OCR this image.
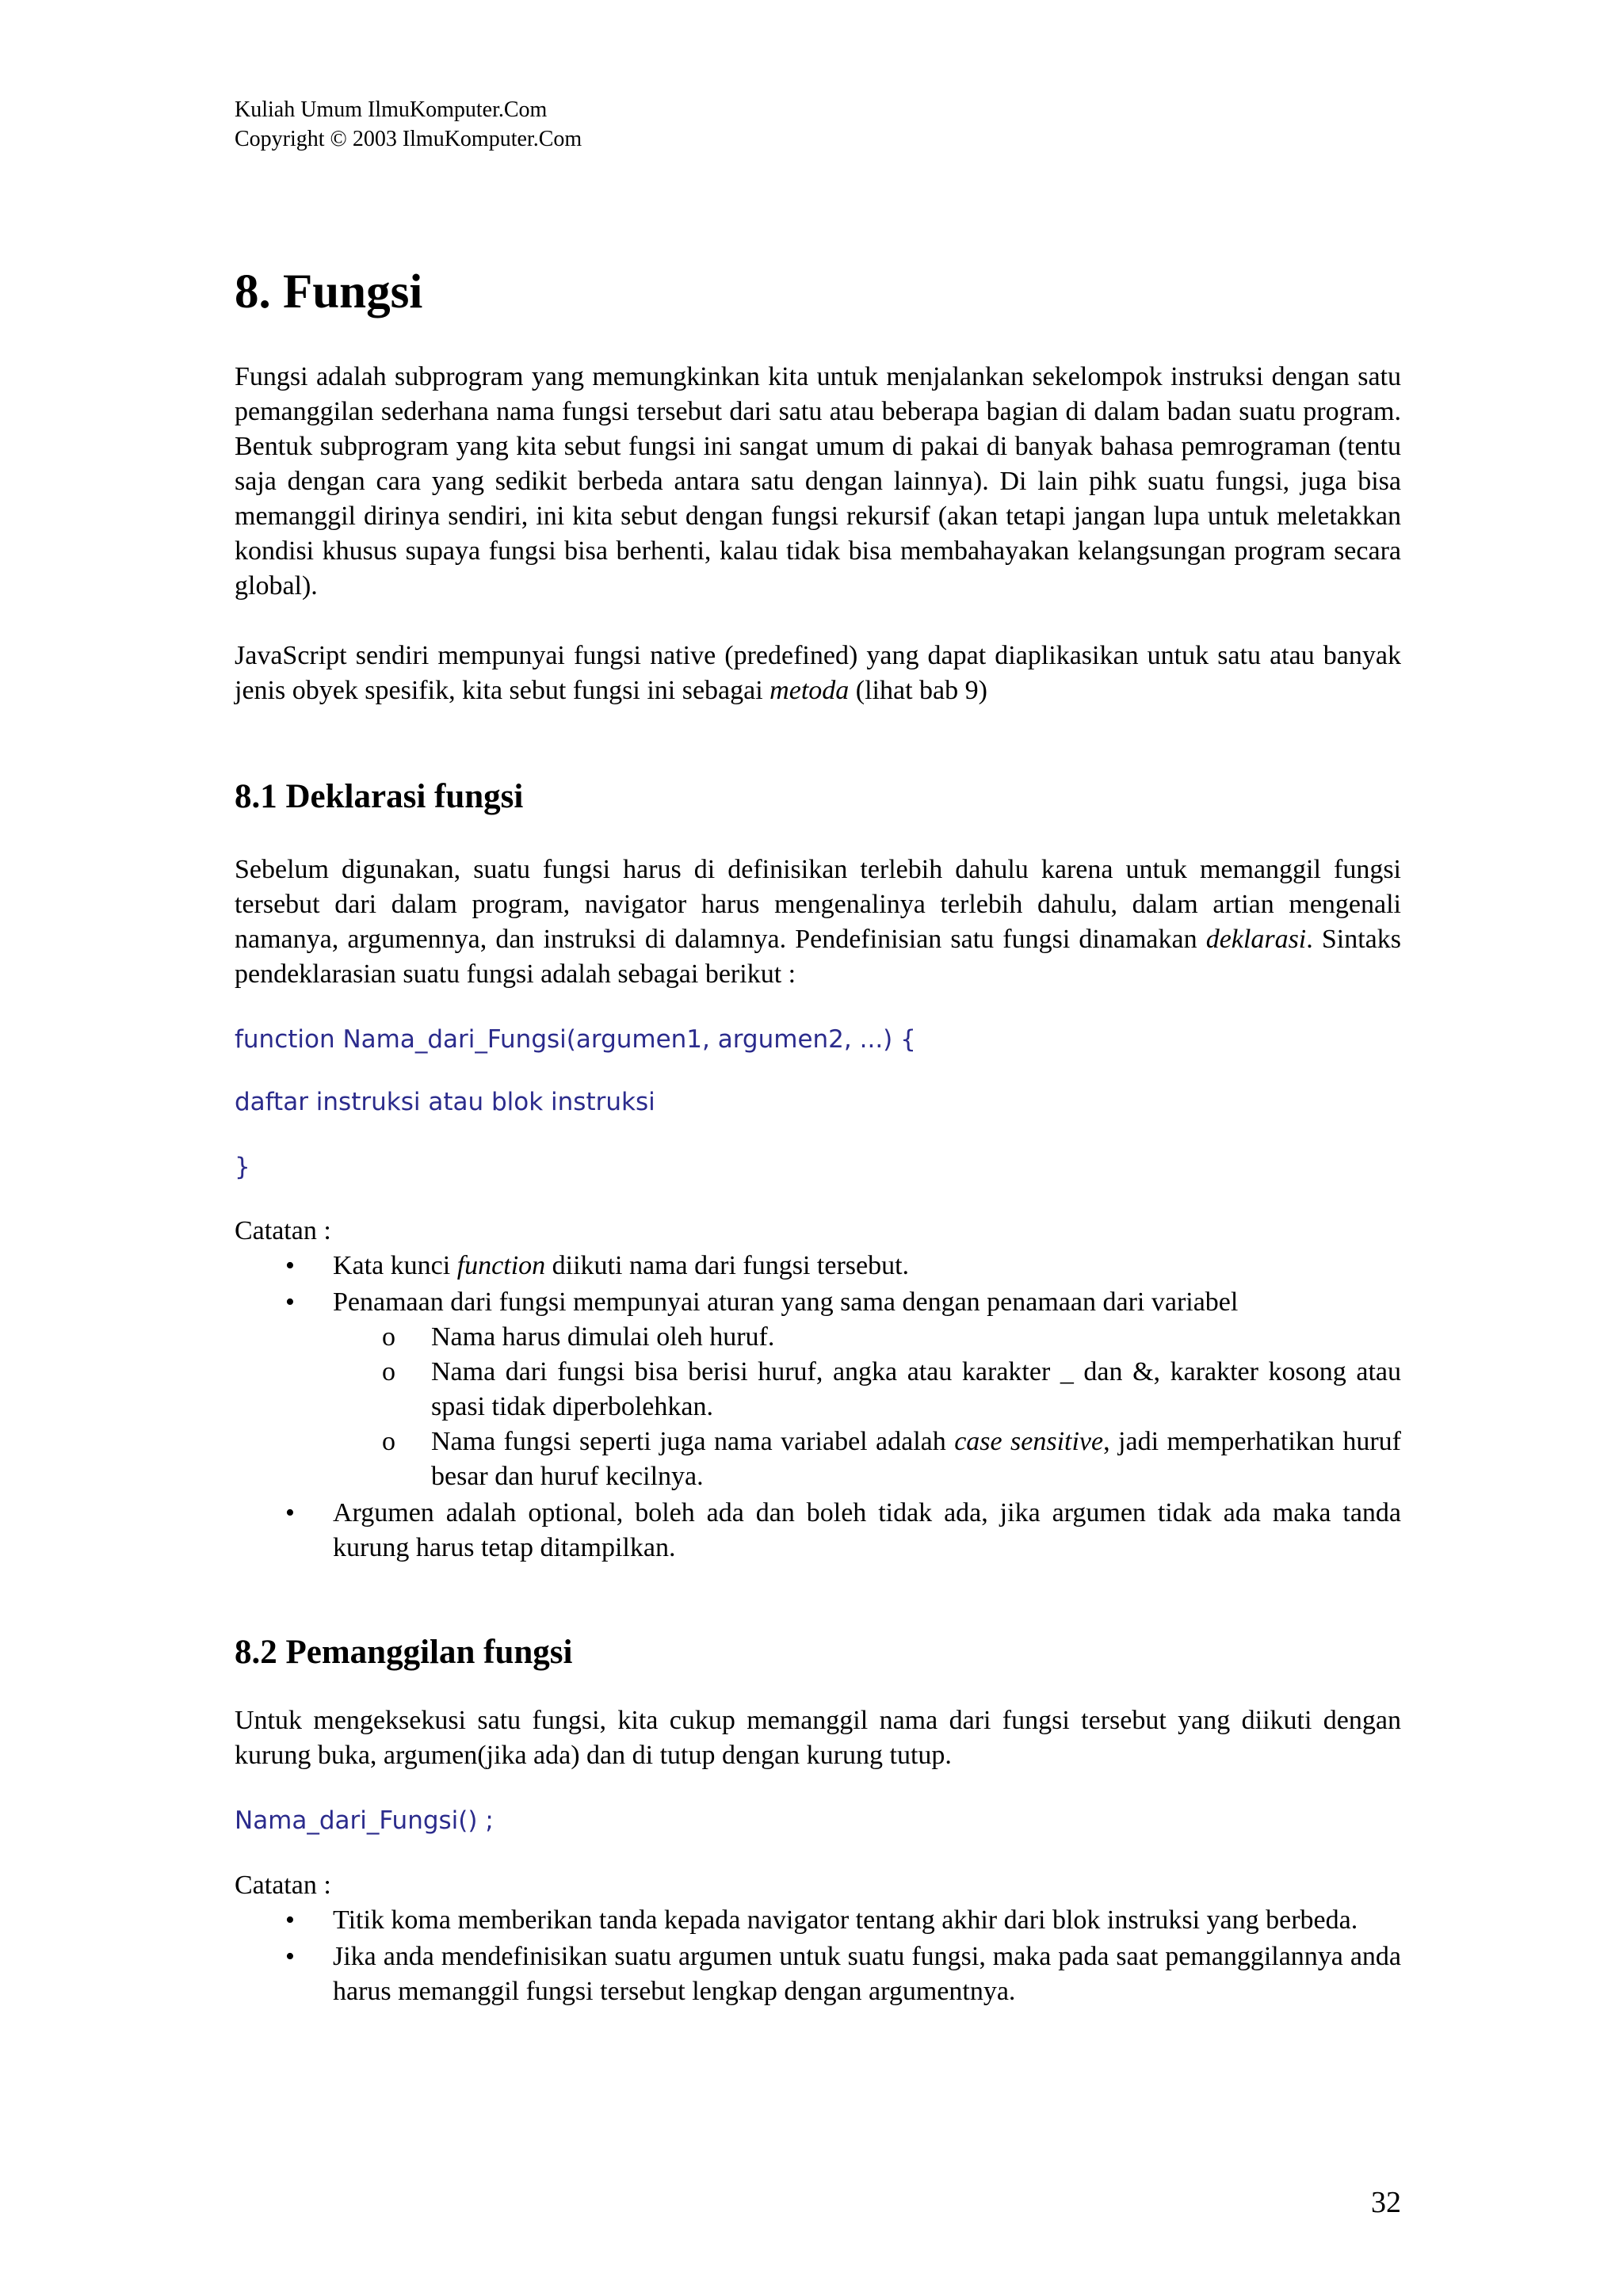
Kuliah Umum IlmuKomputer.Com
Copyright © 2003 IlmuKomputer.Com
8. Fungsi

Fungsi adalah subprogram yang memungkinkan kita untuk menjalankan sekelompok instruksi dengan satu pemanggilan sederhana nama fungsi tersebut dari satu atau beberapa bagian di dalam badan suatu program. Bentuk subprogram yang kita sebut fungsi ini sangat umum di pakai di banyak bahasa pemrograman (tentu saja dengan cara yang sedikit berbeda antara satu dengan lainnya). Di lain pihk suatu fungsi, juga bisa memanggil dirinya sendiri, ini kita sebut dengan fungsi rekursif (akan tetapi jangan lupa untuk meletakkan kondisi khusus supaya fungsi bisa berhenti, kalau tidak bisa membahayakan kelangsungan program secara global).

JavaScript sendiri mempunyai fungsi native (predefined) yang dapat diaplikasikan untuk satu atau banyak jenis obyek spesifik, kita sebut fungsi ini sebagai metoda (lihat bab 9)

8.1 Deklarasi fungsi

Sebelum digunakan, suatu fungsi harus di definisikan terlebih dahulu karena untuk memanggil fungsi tersebut dari dalam program, navigator harus mengenalinya terlebih dahulu, dalam artian mengenali namanya, argumennya, dan instruksi di dalamnya. Pendefinisian satu fungsi dinamakan deklarasi. Sintaks pendeklarasian suatu fungsi adalah sebagai berikut :

function Nama_dari_Fungsi(argumen1, argumen2, ...) {

daftar instruksi atau blok instruksi

}

Catatan :

• Kata kunci function diikuti nama dari fungsi tersebut.
• Penamaan dari fungsi mempunyai aturan yang sama dengan penamaan dari variabel
o Nama harus dimulai oleh huruf.
o Nama dari fungsi bisa berisi huruf, angka atau karakter _ dan &, karakter kosong atau spasi tidak diperbolehkan.
o Nama fungsi seperti juga nama variabel adalah case sensitive, jadi memperhatikan huruf besar dan huruf kecilnya.
• Argumen adalah optional, boleh ada dan boleh tidak ada, jika argumen tidak ada maka tanda kurung harus tetap ditampilkan.
8.2 Pemanggilan fungsi

Untuk mengeksekusi satu fungsi, kita cukup memanggil nama dari fungsi tersebut yang diikuti dengan kurung buka, argumen(jika ada) dan di tutup dengan kurung tutup.

Nama_dari_Fungsi() ;

Catatan :

• Titik koma memberikan tanda kepada navigator tentang akhir dari blok instruksi yang berbeda.
• Jika anda mendefinisikan suatu argumen untuk suatu fungsi, maka pada saat pemanggilannya anda harus memanggil fungsi tersebut lengkap dengan argumentnya.
32
